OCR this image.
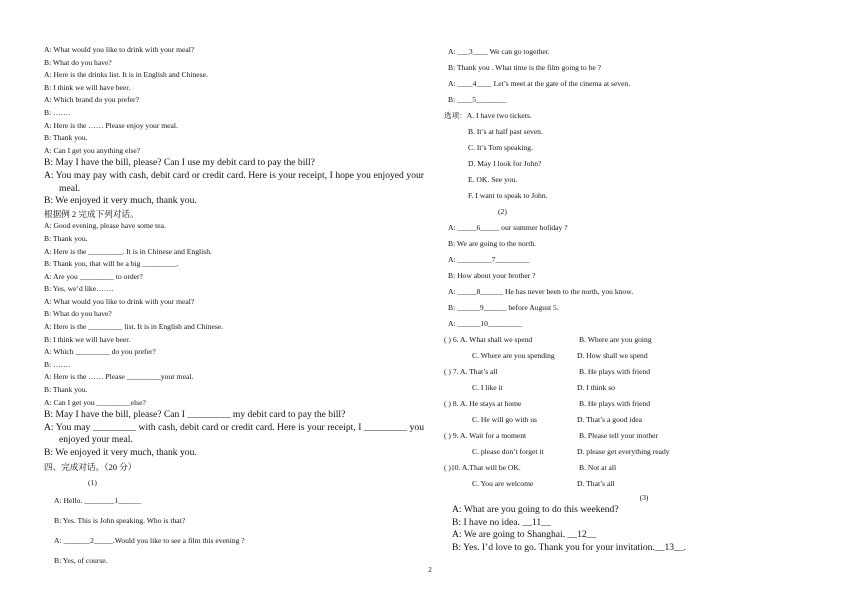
A: What would you like to drink with your meal?
B: What do you have?
A: Here is the drinks list. It is in English and Chinese.
B: I think we will have beer.
A: Which brand do you prefer?
B: …….
A: Here is the …… Please enjoy your meal.
B: Thank you.
A: Can I get you anything else?
B: May I have the bill, please? Can I use my debit card to pay the bill?
A: You may pay with cash, debit card or credit card. Here is your receipt, I hope you enjoyed your meal.
B: We enjoyed it very much, thank you.
根据例 2 完成下列对话。
A: Good evening, please have some tea.
B: Thank you.
A: Here is the _________. It is in Chinese and English.
B: Thank you, that will be a big _________.
A: Are you _________ to order?
B: Yes, we’d like…….
A: What would you like to drink with your meal?
B: What do you have?
A: Here is the _________ list. It is in English and Chinese.
B: I think we will have beer.
A: Which _________ do you prefer?
B: …….
A: Here is the …… Please _________your meal.
B: Thank you.
A: Can I get you _________else?
B: May I have the bill, please? Can I _________ my debit card to pay the bill?
A: You may _________ with cash, debit card or credit card. Here is your receipt, I _________ you enjoyed your meal.
B: We enjoyed it very much, thank you.
四、完成对话。（20 分）
(1)
A: Hello. ________1______
B: Yes. This is John speaking. Who is that?
A: _______2_____.Would you like to see a film this evening ?
B: Yes, of course.
A: ___3____ We can go together.
B: Thank you . What time is the film going to be ?
A: ____4____ Let’s meet at the gate of the cinema at seven.
B: ____5________
选项：A. I have two tickets.
B. It’s at half past seven.
C. It’s Tom speaking.
D. May I look for John?
E. OK. See you.
F. I want to speak to John.
(2)
A: _____6_____ our summer holiday ?
B: We are going to the north.
A: _________7_________
B: How about your brother ?
A: _____8______ He has never been to the north, you know.
B: ______9______ before August 5.
A: ______10_________
( ) 6. A. What shall we spend	B. Where are you going
C. Where are you spending	D. How shall we spend
( ) 7. A. That’s all	B. He plays with friend
C. I like it	D. I think so
( ) 8. A. He stays at home	B. He plays with friend
C. He will go with us	D. That’s a good idea
( ) 9. A. Wait for a moment	B. Please tell your mother
C. please don’t forget it	D. please get everything ready
( )10. A.That will be OK.	B. Not at all
C. You are welcome	D. That’s all
(3)
A: What are you going to do this weekend?
B: I have no idea. __11__
A: We are going to Shanghai. __12__
B: Yes. I’d love to go. Thank you for your invitation.__13__.
2
